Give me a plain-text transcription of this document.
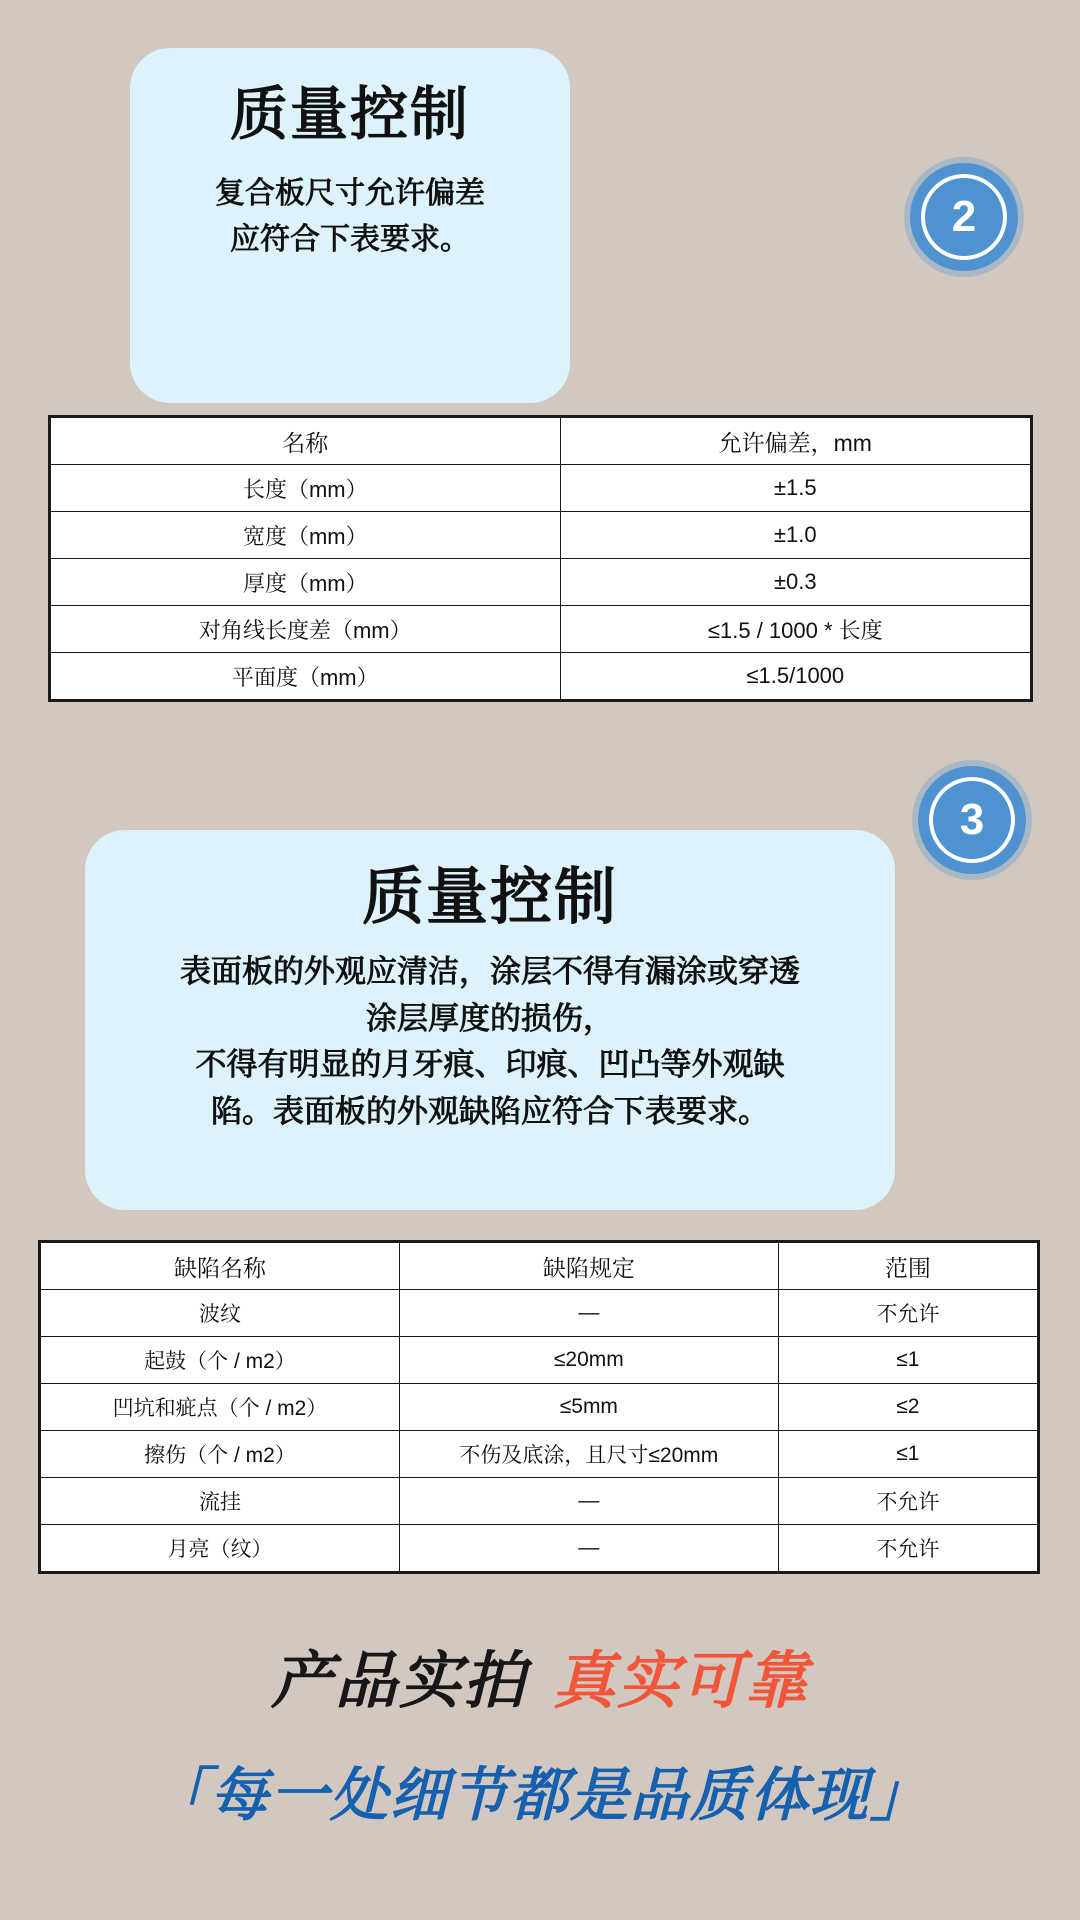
质量控制
复合板尺寸允许偏差
应符合下表要求。	2
名称	允许偏差，mm
长度（mm）	±1.5
宽度（mm）	±1.0
厚度（mm）	±0.3
对角线长度差（mm）	≤1.5 / 1000 * 长度
平面度（mm）	≤1.5/1000
质量控制
表面板的外观应清洁，涂层不得有漏涂或穿透
涂层厚度的损伤，
不得有明显的月牙痕、印痕、凹凸等外观缺
陷。表面板的外观缺陷应符合下表要求。
3
缺陷名称	缺陷规定	范围
波纹	—	不允许
起鼓（个 / m2）	≤20mm	≤1
凹坑和疵点（个 / m2）	≤5mm	≤2
擦伤（个 / m2）	不伤及底涂，且尺寸≤20mm	≤1
流挂	—	不允许
月亮（纹）	—	不允许
产品实拍 真实可靠
「每一处细节都是品质体现」
